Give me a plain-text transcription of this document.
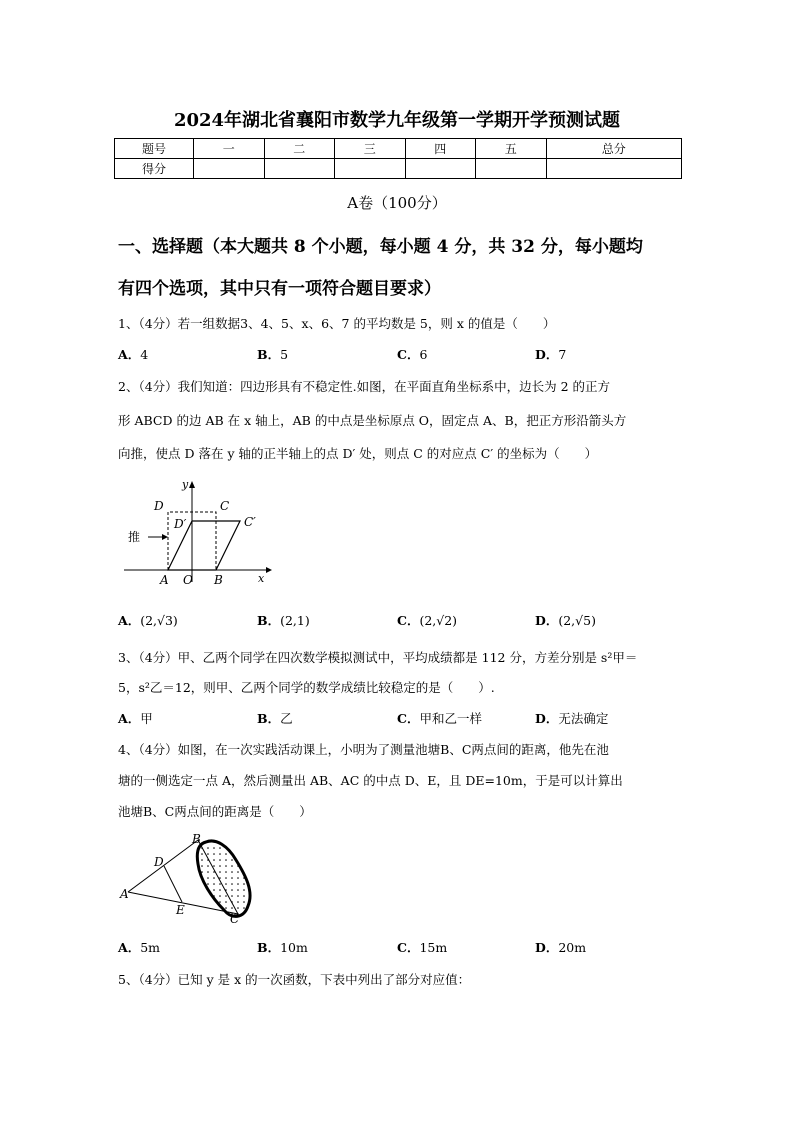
2024年湖北省襄阳市数学九年级第一学期开学预测试题
题号	一	二	三	四	五	总分
得分						
A卷（100分）
一、选择题（本大题共 8 个小题，每小题 4 分，共 32 分，每小题均
有四个选项，其中只有一项符合题目要求）
1、（4分）若一组数据3、4、5、x、6、7 的平均数是 5，则 x 的值是（　　）
A．4	B．5	C．6	D．7
2、（4分）我们知道：四边形具有不稳定性.如图，在平面直角坐标系中，边长为 2 的正方
形 ABCD 的边 AB 在 x 轴上，AB 的中点是坐标原点 O，固定点 A、B，把正方形沿箭头方
向推，使点 D 落在 y 轴的正半轴上的点 D′ 处，则点 C 的对应点 C′ 的坐标为（　　）
y
x
D	C
D′	C′
推
A O B
A．(2,√3)	B．(2,1)	C．(2,√2)	D．(2,√5)
3、（4分）甲、乙两个同学在四次数学模拟测试中，平均成绩都是 112 分，方差分别是 s²甲＝
5，s²乙＝12，则甲、乙两个同学的数学成绩比较稳定的是（　　）.
A．甲	B．乙	C．甲和乙一样	D．无法确定
4、（4分）如图，在一次实践活动课上，小明为了测量池塘B、C两点间的距离，他先在池
塘的一侧选定一点 A，然后测量出 AB、AC 的中点 D、E，且 DE=10m，于是可以计算出
池塘B、C两点间的距离是（　　）
A
B
C
D
E
A．5m	B．10m	C．15m	D．20m
5、（4分）已知 y 是 x 的一次函数，下表中列出了部分对应值：
